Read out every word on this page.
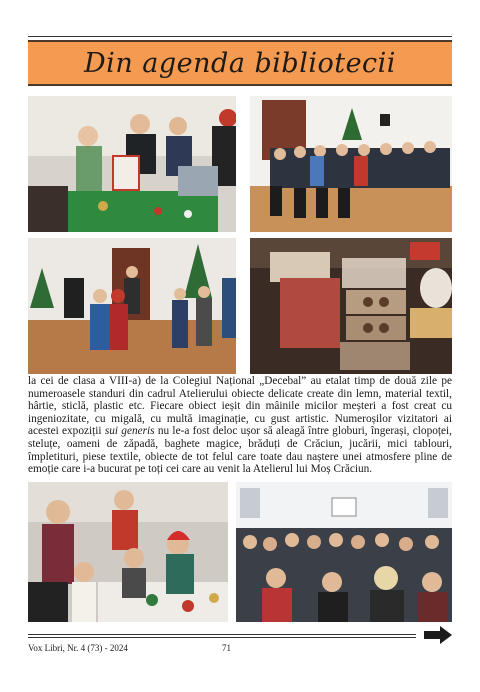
Din agenda bibliotecii

la cei de clasa a VIII-a) de la Colegiul Național „Decebal” au etalat timp de două zile pe numeroasele standuri din cadrul Atelierului obiecte delicate create din lemn, material textil, hârtie, sticlă, plastic etc. Fiecare obiect ieșit din mâinile micilor meșteri a fost creat cu ingeniozitate, cu migală, cu multă imaginație, cu gust artistic. Numeroșilor vizitatori ai acestei expoziții sui generis nu le-a fost deloc ușor să aleagă între globuri, îngerași, clopoței, steluțe, oameni de zăpadă, baghete magice, brăduți de Crăciun, jucării, mici tablouri, împletituri, piese textile, obiecte de tot felul care toate dau naștere unei atmosfere pline de emoție care i-a bucurat pe toți cei care au venit la Atelierul lui Moș Crăciun.

Vox Libri, Nr. 4 (73) - 2024	71
